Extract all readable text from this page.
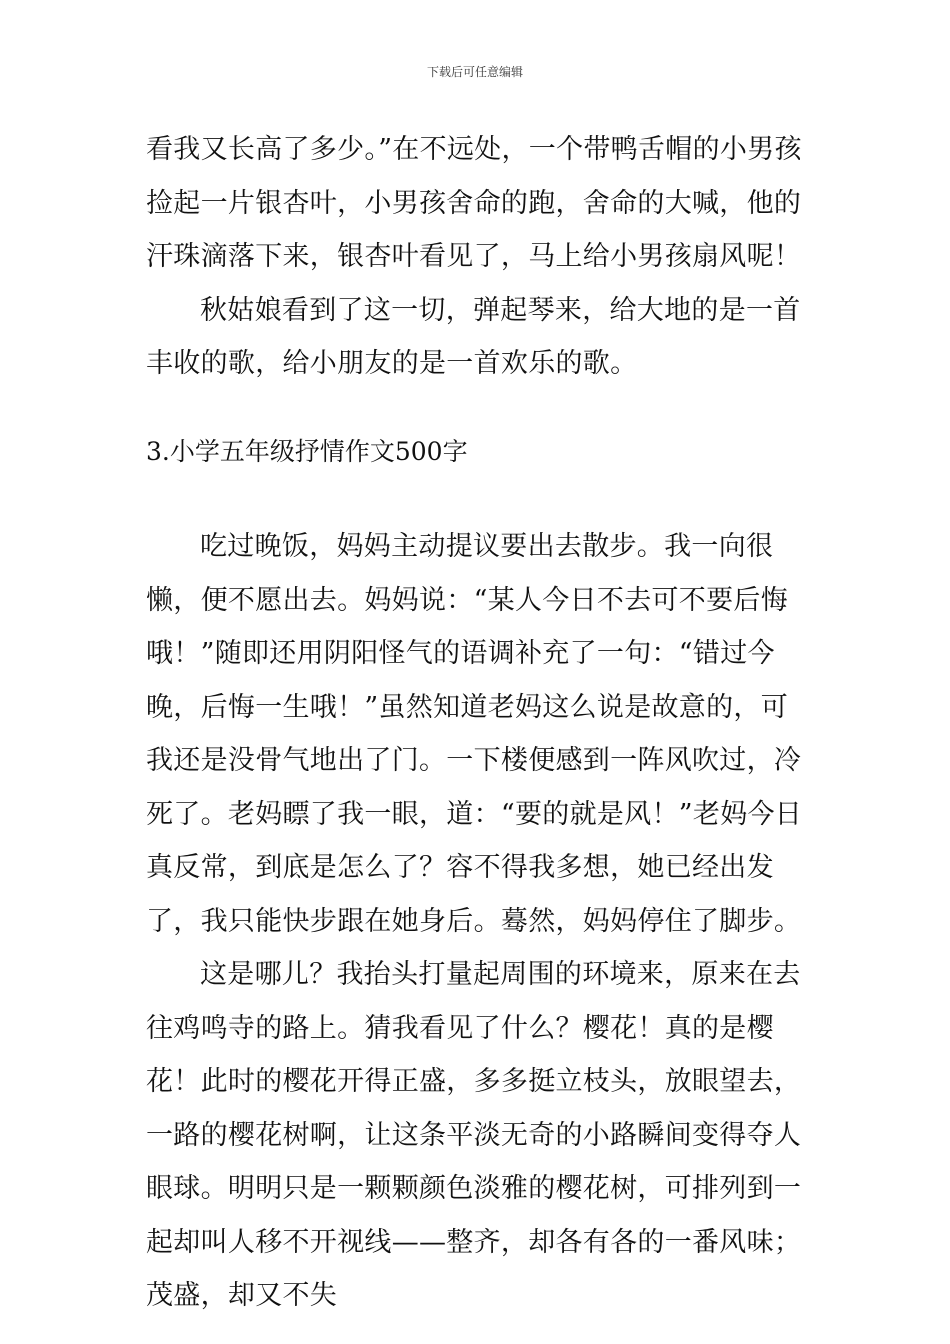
下载后可任意编辑

看我又长高了多少。”在不远处，一个带鸭舌帽的小男孩捡起一片银杏叶，小男孩舍命的跑，舍命的大喊，他的汗珠滴落下来，银杏叶看见了，马上给小男孩扇风呢！

秋姑娘看到了这一切，弹起琴来，给大地的是一首丰收的歌，给小朋友的是一首欢乐的歌。

3.小学五年级抒情作文500字

吃过晚饭，妈妈主动提议要出去散步。我一向很懒，便不愿出去。妈妈说：“某人今日不去可不要后悔哦！”随即还用阴阳怪气的语调补充了一句：“错过今晚，后悔一生哦！”虽然知道老妈这么说是故意的，可我还是没骨气地出了门。一下楼便感到一阵风吹过，冷死了。老妈瞟了我一眼，道：“要的就是风！”老妈今日真反常，到底是怎么了？容不得我多想，她已经出发了，我只能快步跟在她身后。蓦然，妈妈停住了脚步。

这是哪儿？我抬头打量起周围的环境来，原来在去往鸡鸣寺的路上。猜我看见了什么？樱花！真的是樱花！此时的樱花开得正盛，多多挺立枝头，放眼望去，一路的樱花树啊，让这条平淡无奇的小路瞬间变得夺人眼球。明明只是一颗颗颜色淡雅的樱花树，可排列到一起却叫人移不开视线——整齐，却各有各的一番风味；茂盛，却又不失
